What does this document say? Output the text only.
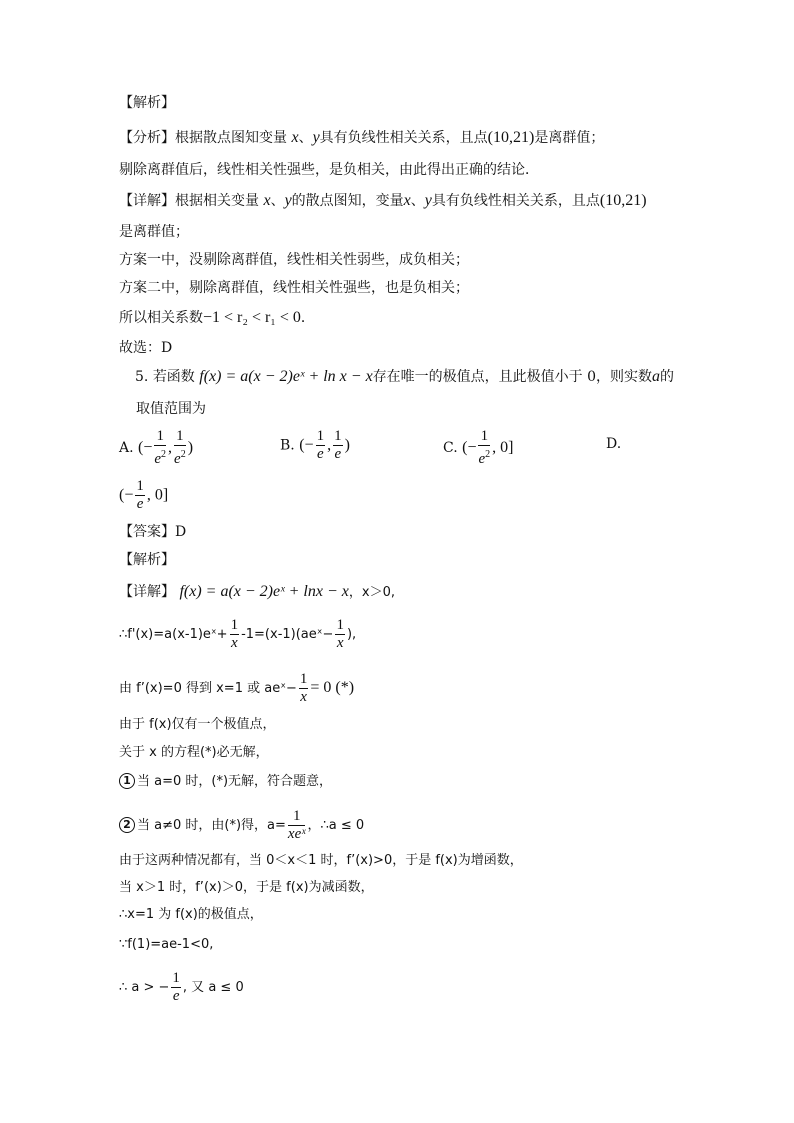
【解析】
【分析】根据散点图知变量 x、y具有负线性相关关系，且点(10,21)是离群值；
剔除离群值后，线性相关性强些，是负相关，由此得出正确的结论．
【详解】根据相关变量 x、y的散点图知，变量x、y具有负线性相关关系，且点(10,21)
是离群值；
方案一中，没剔除离群值，线性相关性弱些，成负相关；
方案二中，剔除离群值，线性相关性强些，也是负相关；
所以相关系数−1 < r₂ < r₁ < 0．
故选：D
5. 若函数 f(x) = a(x − 2)eˣ + ln x − x存在唯一的极值点，且此极值小于 0，则实数a的
取值范围为
A. (− $\frac{1}{e^2}$ , $\frac{1}{e^2}$ )	B. (− $\frac{1}{e}$ , $\frac{1}{e}$ )	C. (− $\frac{1}{e^2}$ , 0]	D.
(− $\frac{1}{e}$ , 0]
【答案】D
【解析】
【详解】 f(x) = a(x − 2)eˣ + lnx − x，x＞0,
∴f'(x)=a(x-1)eˣ+ $\frac{1}{x}$ -1=(x-1)(aeˣ− $\frac{1}{x}$ ),
由 f’(x)=0 得到 x=1 或 aeˣ− $\frac{1}{x} = 0$ (*)
由于 f(x)仅有一个极值点，
关于 x 的方程(*)必无解，
1 当 a=0 时，(*)无解，符合题意，
2 当 a≠0 时，由(*)得，$a= \frac{1}{\text{xeˣ}}$ ，∴a ≤ 0
由于这两种情况都有，当 0＜x＜1 时，f’(x)>0，于是 f(x)为增函数，
当 x＞1 时，f’(x)＞0，于是 f(x)为减函数，
∴x=1 为 f(x)的极值点，
∵f(1)=ae-1<0,
∴ a > − $\frac{1}{e}$ , 又 a ≤ 0
